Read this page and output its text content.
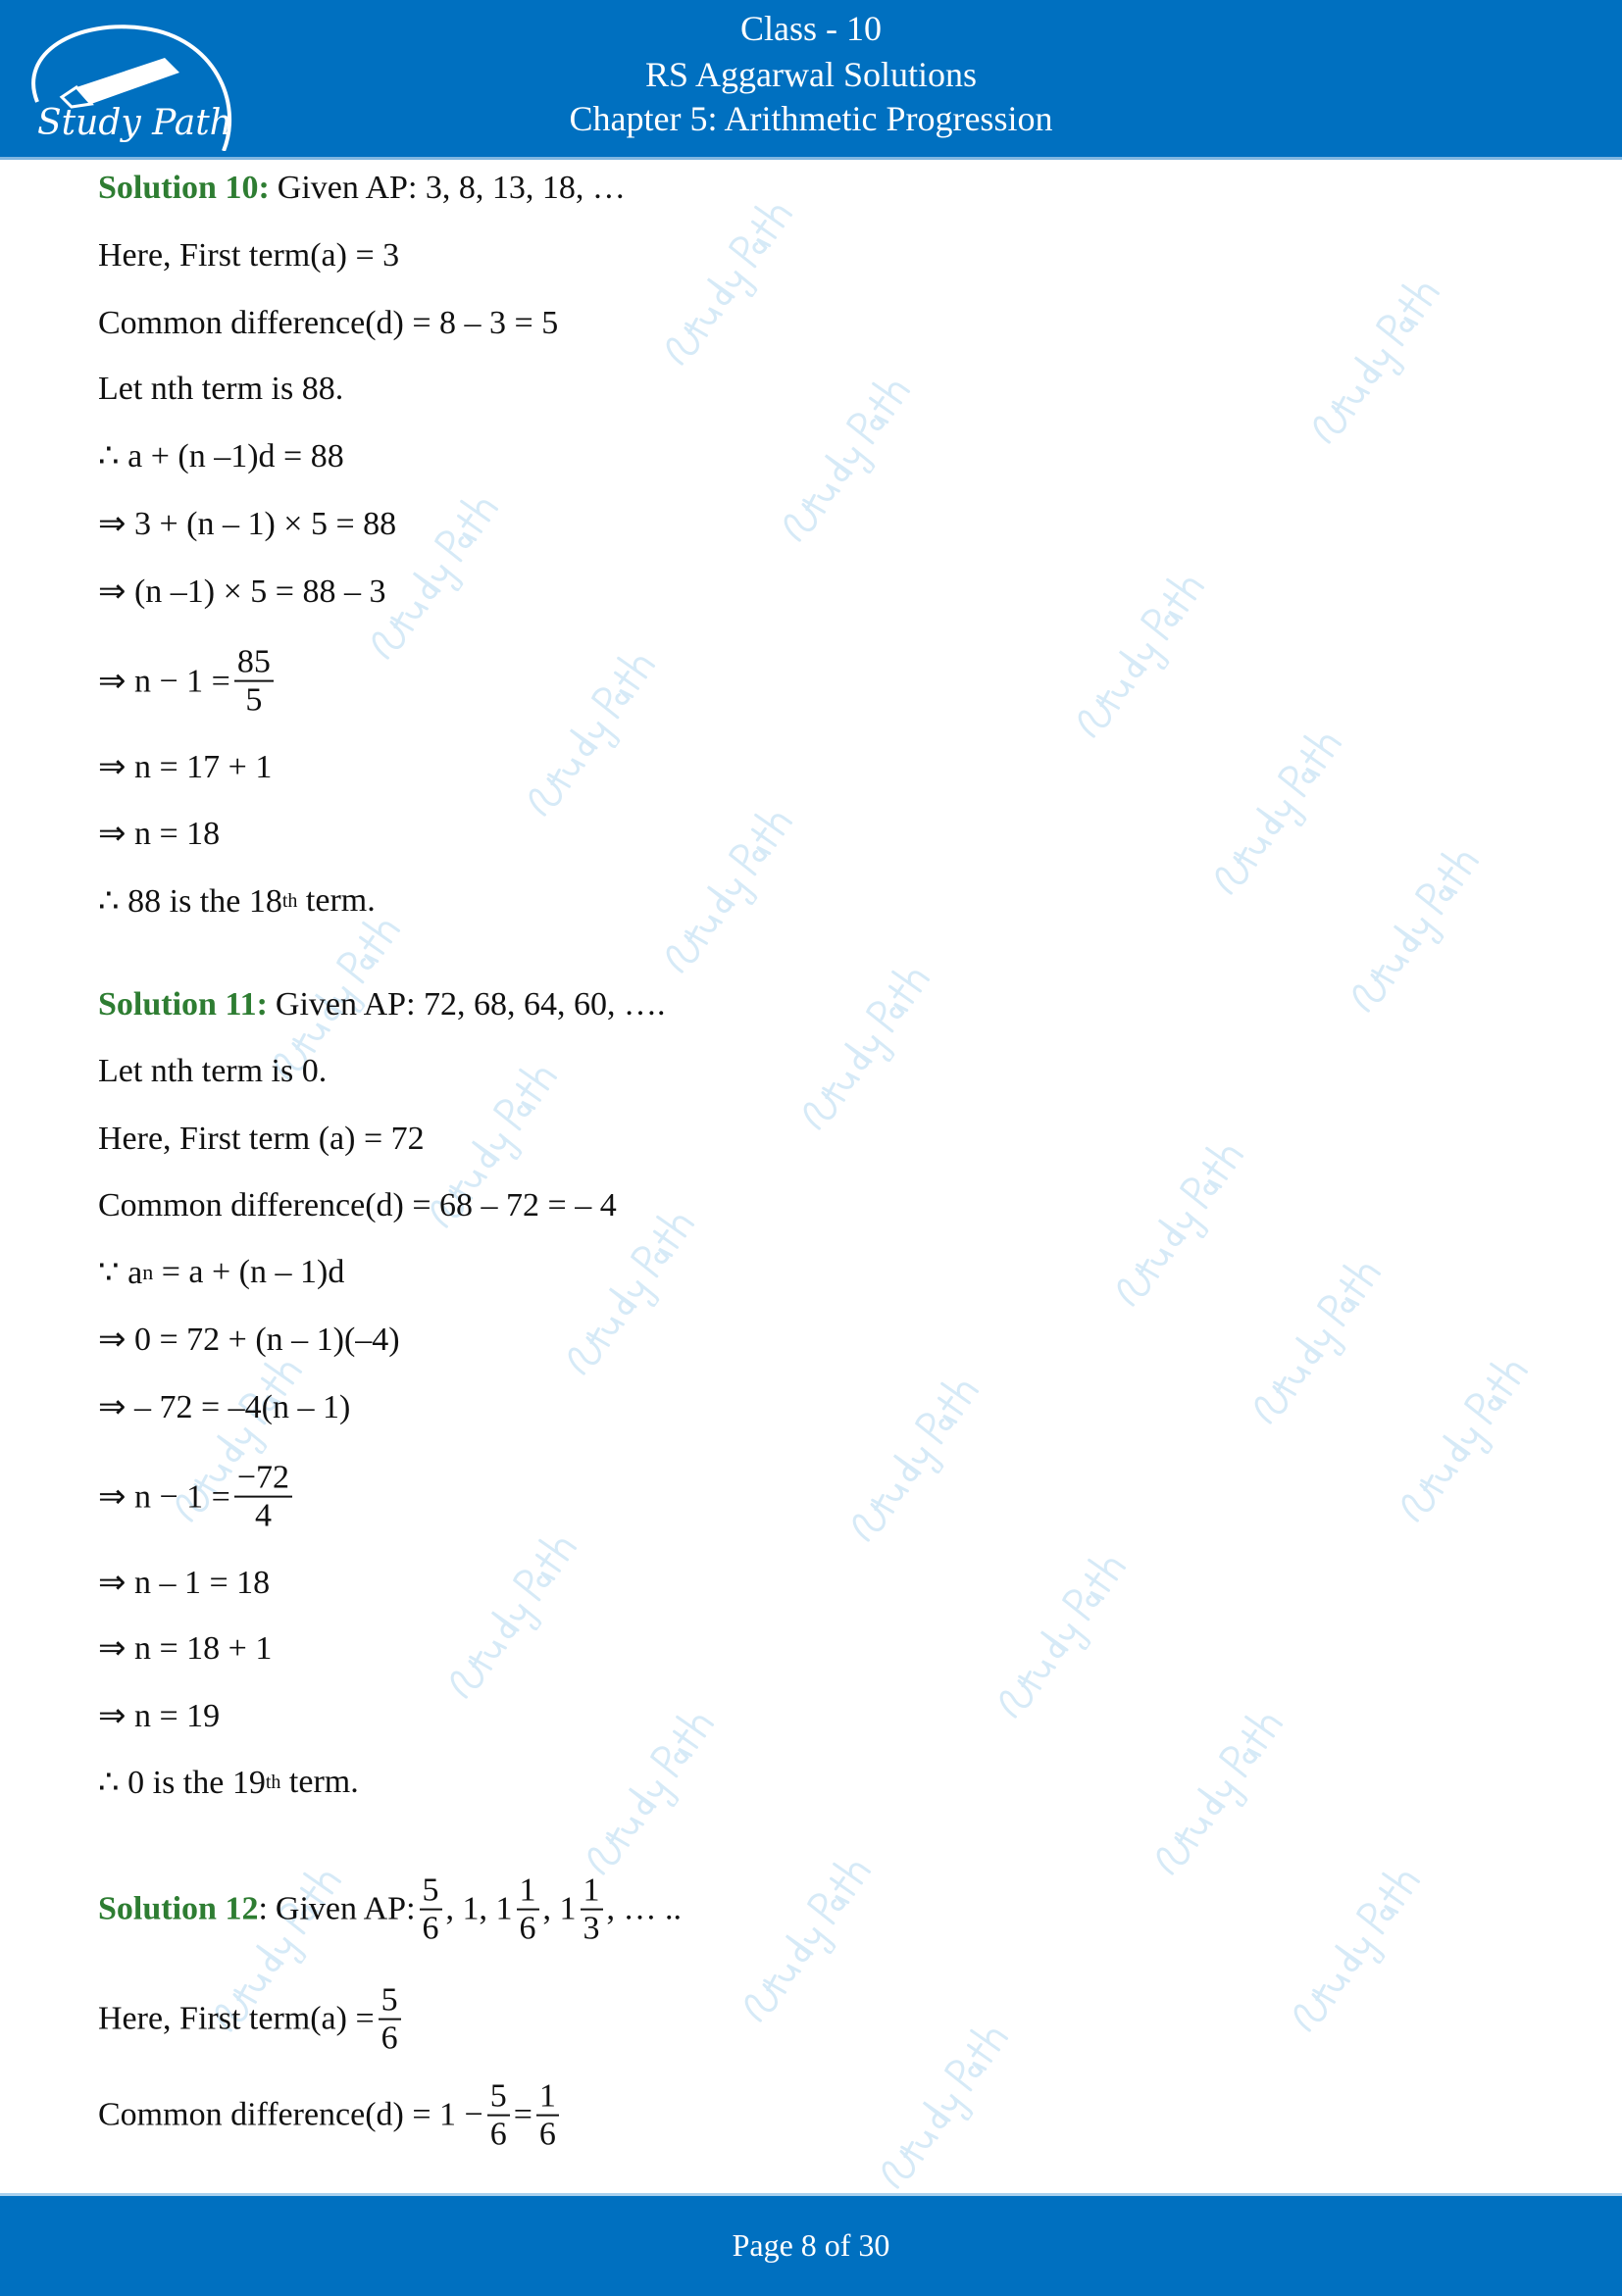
Study Path
Class - 10
RS Aggarwal Solutions
Chapter 5: Arithmetic Progression
Solution 10: Given AP: 3, 8, 13, 18, …
Here, First term(a) = 3
Common difference(d) = 8 – 3 = 5
Let nth term is 88.
∴ a + (n –1)d = 88
⇒ 3 + (n – 1) × 5 = 88
⇒ (n –1) × 5 = 88 – 3
⇒ $n - 1 = \frac{85}{5}$
⇒ n = 17 + 1
⇒ n = 18
∴ 88 is the 18 th term.
Solution 11: Given AP: 72, 68, 64, 60, ….
Let nth term is 0.
Here, First term (a) = 72
Common difference(d) = 68 – 72 = – 4
∵ a n = a + (n – 1)d
⇒ 0 = 72 + (n – 1)(–4)
⇒ – 72 = –4(n – 1)
⇒ $n - 1 = \frac{-72}{4}$
⇒ n – 1 = 18
⇒ n = 18 + 1
⇒ n = 19
∴ 0 is the 19 th term.
Solution 12 : Given AP: $\frac{5}{6}$ , 1, $1 \frac{1}{6}$ , $1 \frac{1}{3}$ , … ..
Here, First term(a) = $\frac{5}{6}$
Common difference(d) = $1 - \frac{5}{6} = \frac{1}{6}$
Page 8 of 30
